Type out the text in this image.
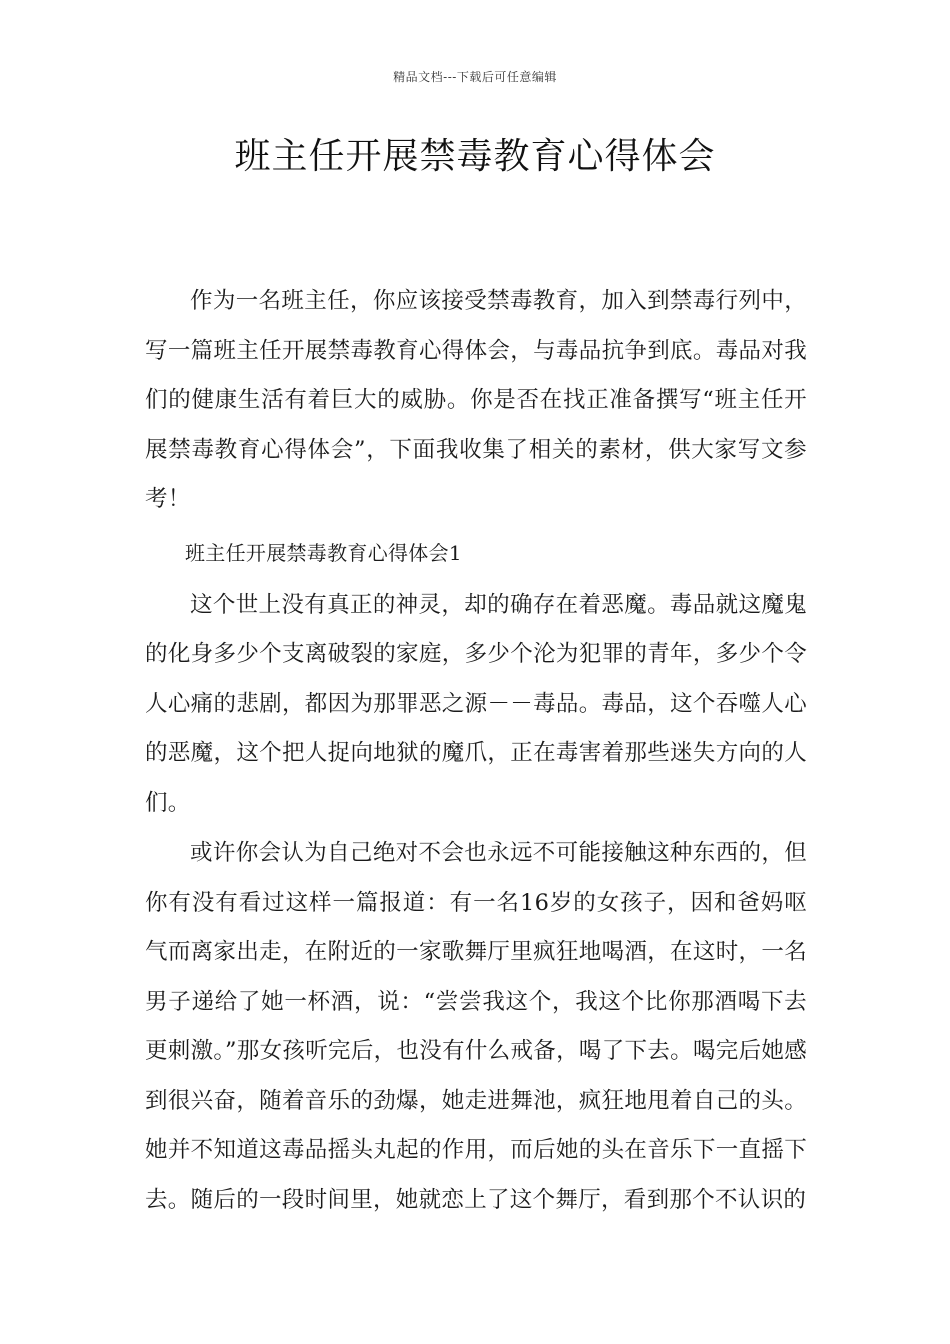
精品文档---下载后可任意编辑
班主任开展禁毒教育心得体会

作为一名班主任，你应该接受禁毒教育，加入到禁毒行列中，写一篇班主任开展禁毒教育心得体会，与毒品抗争到底。毒品对我们的健康生活有着巨大的威胁。你是否在找正准备撰写“班主任开展禁毒教育心得体会”，下面我收集了相关的素材，供大家写文参考！

班主任开展禁毒教育心得体会1

这个世上没有真正的神灵，却的确存在着恶魔。毒品就这魔鬼的化身多少个支离破裂的家庭，多少个沦为犯罪的青年，多少个令人心痛的悲剧，都因为那罪恶之源－－毒品。毒品，这个吞噬人心的恶魔，这个把人捉向地狱的魔爪，正在毒害着那些迷失方向的人们。

或许你会认为自己绝对不会也永远不可能接触这种东西的，但你有没有看过这样一篇报道：有一名16岁的女孩子，因和爸妈呕气而离家出走，在附近的一家歌舞厅里疯狂地喝酒，在这时，一名男子递给了她一杯酒，说：“尝尝我这个，我这个比你那酒喝下去更刺激。”那女孩听完后，也没有什么戒备，喝了下去。喝完后她感到很兴奋，随着音乐的劲爆，她走进舞池，疯狂地甩着自己的头。她并不知道这毒品摇头丸起的作用，而后她的头在音乐下一直摇下去。随后的一段时间里，她就恋上了这个舞厅，看到那个不认识的
